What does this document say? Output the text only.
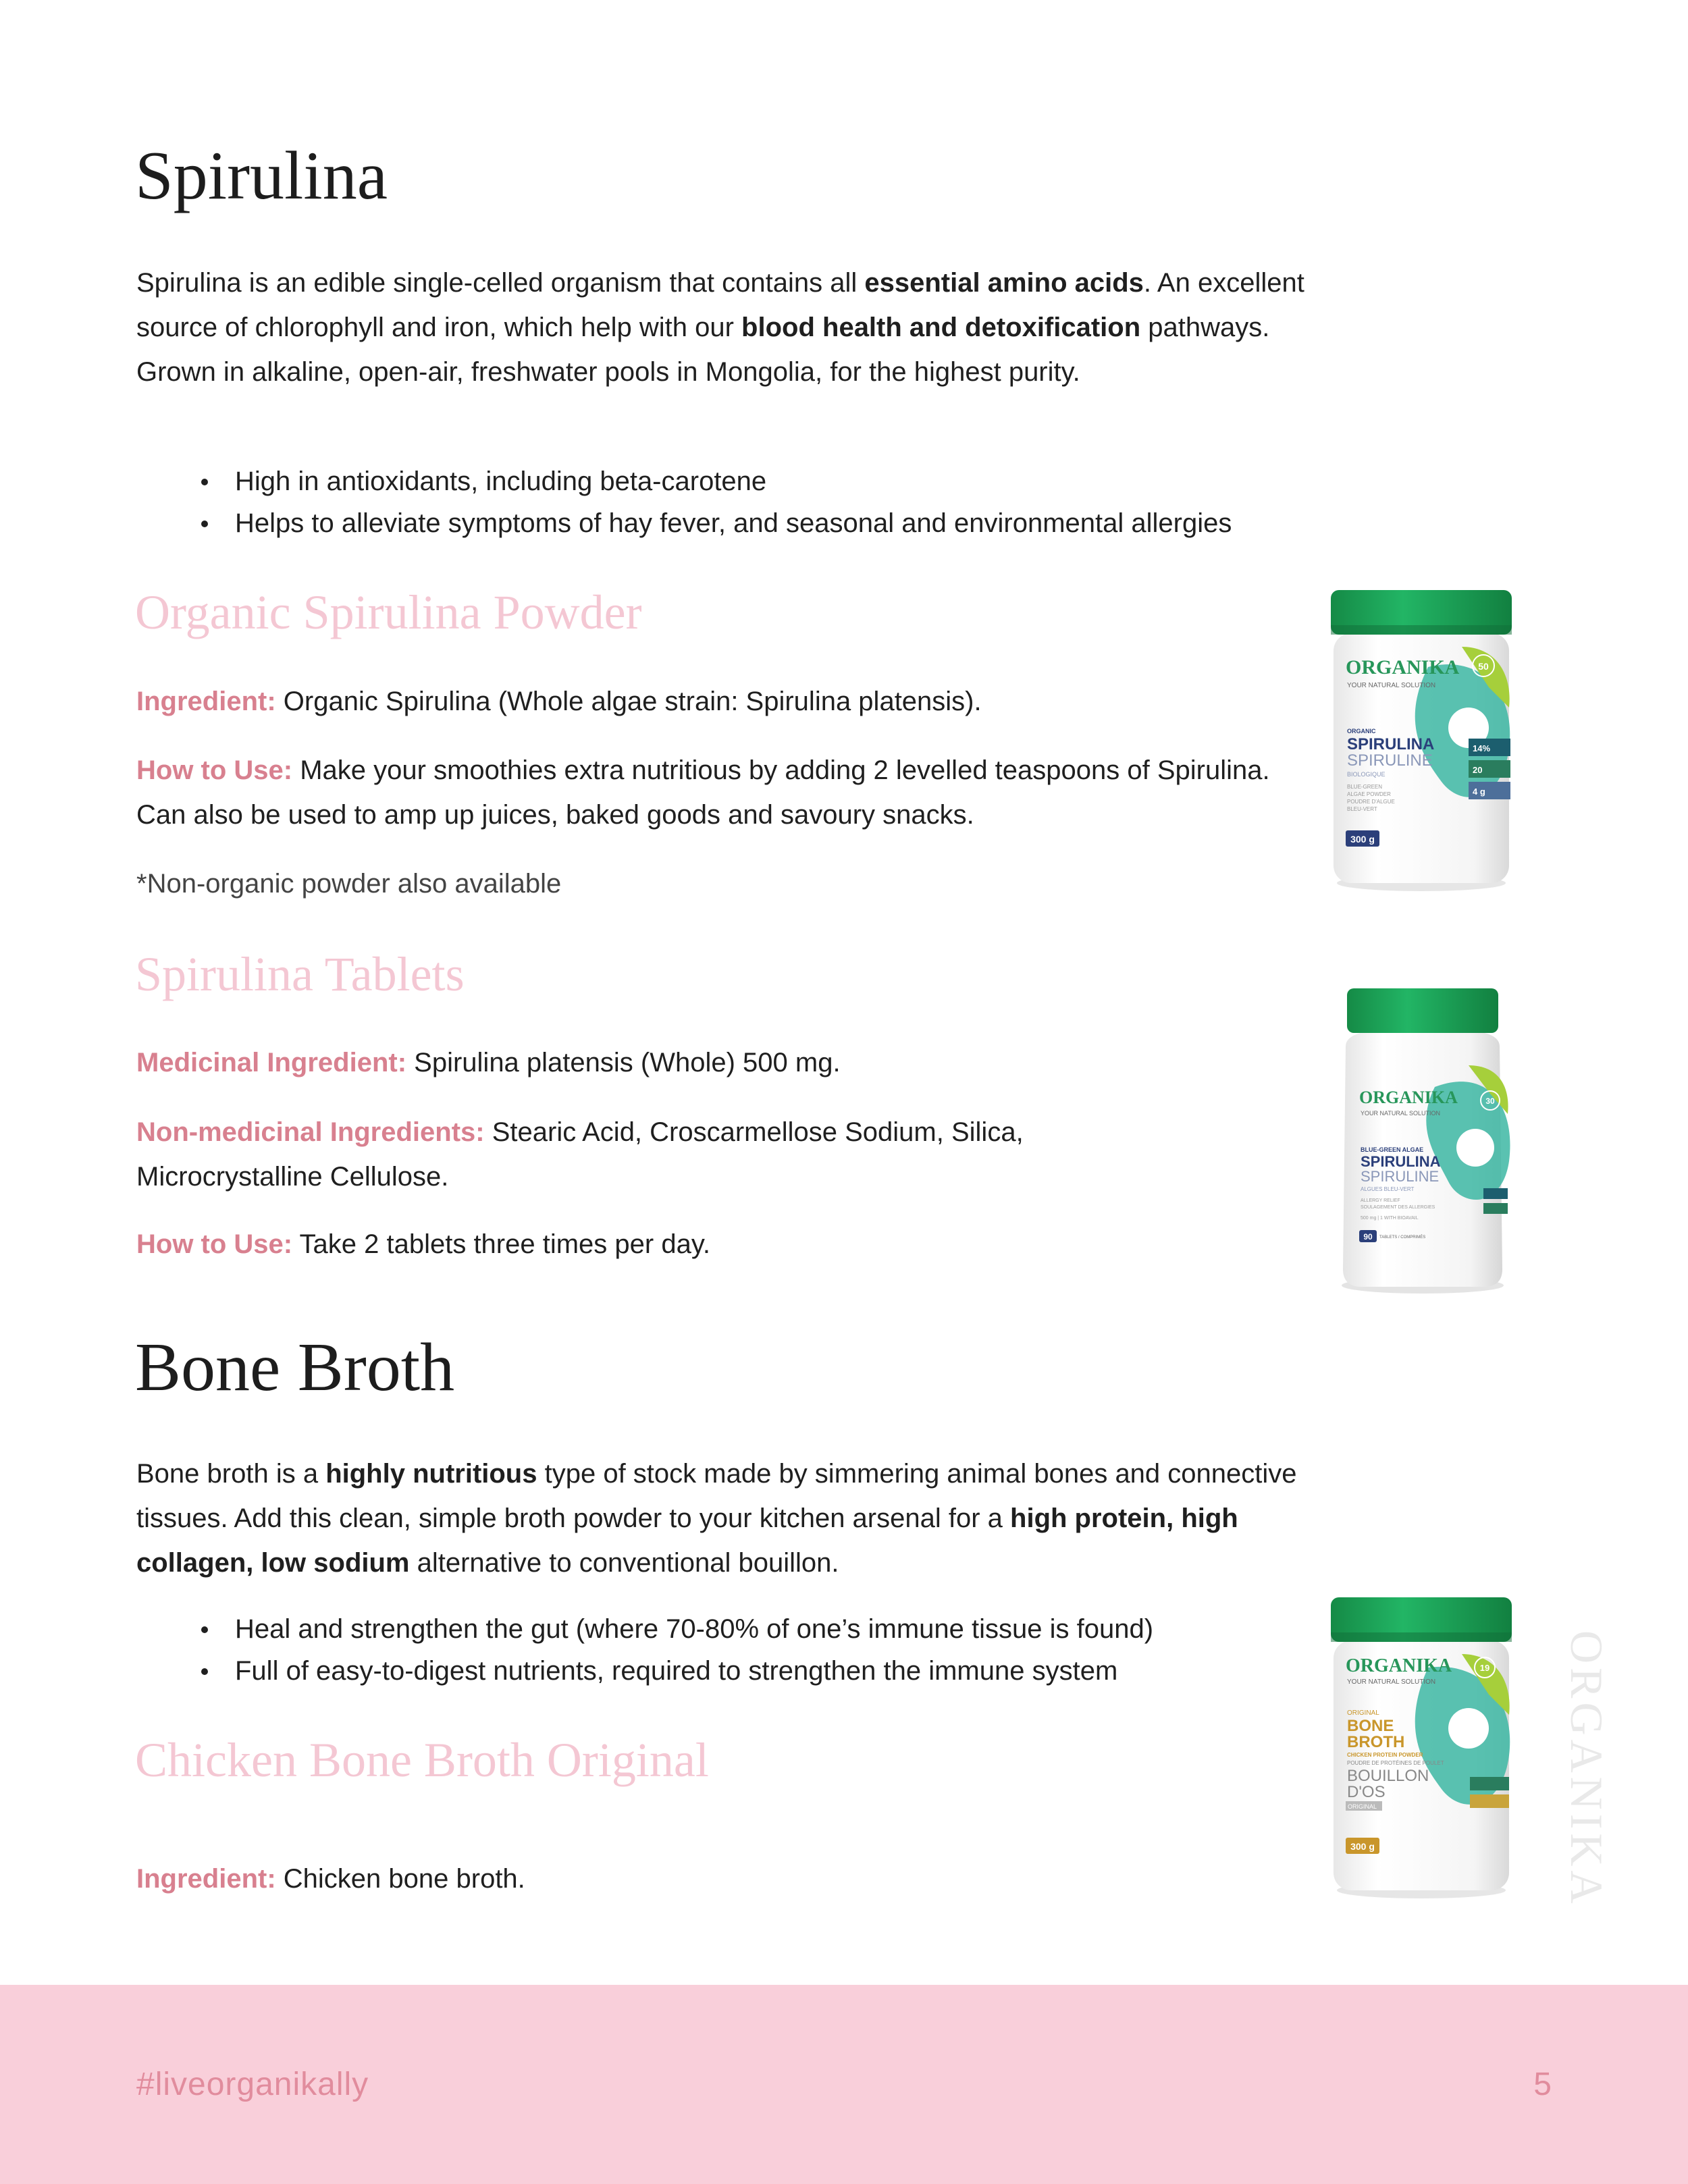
Spirulina

Spirulina is an edible single-celled organism that contains all essential amino acids. An excellent source of chlorophyll and iron, which help with our blood health and detoxification pathways. Grown in alkaline, open-air, freshwater pools in Mongolia, for the highest purity.

High in antioxidants, including beta-carotene
Helps to alleviate symptoms of hay fever, and seasonal and environmental allergies
Organic Spirulina Powder

Ingredient: Organic Spirulina (Whole algae strain: Spirulina platensis).

How to Use: Make your smoothies extra nutritious by adding 2 levelled teaspoons of Spirulina. Can also be used to amp up juices, baked goods and savoury snacks.

*Non-organic powder also available

ORGANIKA
YOUR NATURAL SOLUTION
50
ORGANIC
SPIRULINA
SPIRULINE
BIOLOGIQUE
BLUE-GREEN
ALGAE POWDER
POUDRE D'ALGUE
BLEU-VERT
300 g
14%
20
4 g
Spirulina Tablets

Medicinal Ingredient: Spirulina platensis (Whole) 500 mg.

Non-medicinal Ingredients: Stearic Acid, Croscarmellose Sodium, Silica, Microcrystalline Cellulose.

How to Use: Take 2 tablets three times per day.

ORGANIKA
YOUR NATURAL SOLUTION
30
BLUE-GREEN ALGAE
SPIRULINA
SPIRULINE
ALGUES BLEU-VERT
ALLERGY RELIEF
SOULAGEMENT DES ALLERGIES
500 mg | 1 WITH BIOAVAIL
90 TABLETS / COMPRIMÉS
Bone Broth

Bone broth is a highly nutritious type of stock made by simmering animal bones and connective tissues. Add this clean, simple broth powder to your kitchen arsenal for a high protein, high collagen, low sodium alternative to conventional bouillon.

Heal and strengthen the gut (where 70-80% of one’s immune tissue is found)
Full of easy-to-digest nutrients, required to strengthen the immune system
Chicken Bone Broth Original

Ingredient: Chicken bone broth.	ORGANIKA
ORGANIKA
YOUR NATURAL SOLUTION
19
ORIGINAL
BONE
BROTH
CHICKEN PROTEIN POWDER
POUDRE DE PROTÉINES DE POULET
BOUILLON
D'OS
ORIGINAL
300 g
#liveorganikally	5
